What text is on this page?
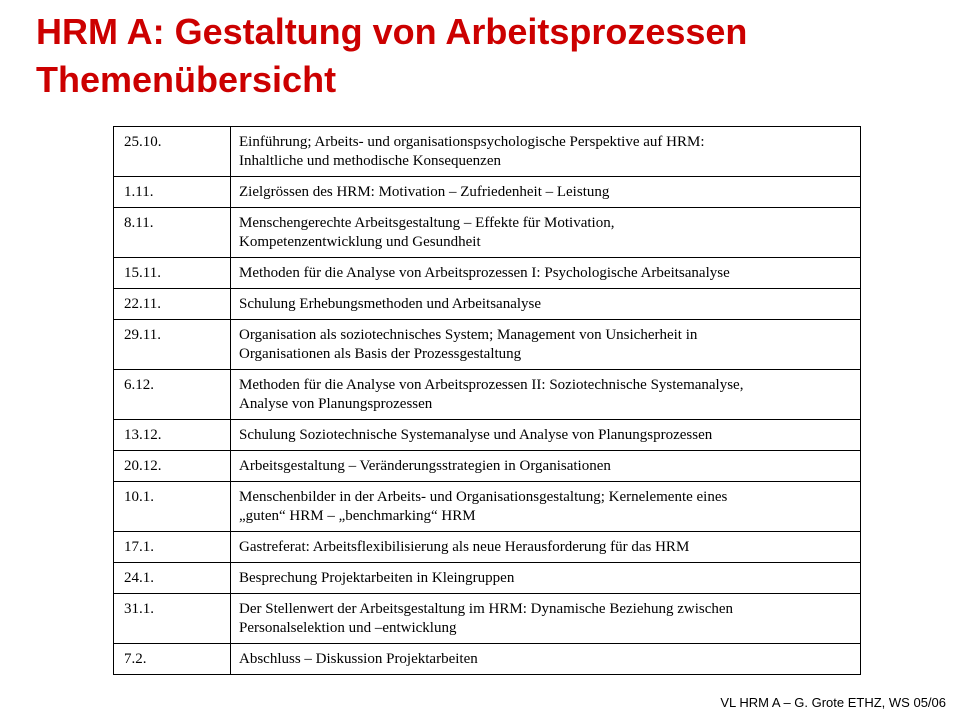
HRM A: Gestaltung von Arbeitsprozessen
Themenübersicht
25.10.	Einführung; Arbeits- und organisationspsychologische Perspektive auf HRM:
Inhaltliche und methodische Konsequenzen

1.11.	Zielgrössen des HRM: Motivation – Zufriedenheit – Leistung

8.11.	Menschengerechte Arbeitsgestaltung – Effekte für Motivation,
Kompetenzentwicklung und Gesundheit

15.11.	Methoden für die Analyse von Arbeitsprozessen I: Psychologische Arbeitsanalyse

22.11.	Schulung Erhebungsmethoden und Arbeitsanalyse

29.11.	Organisation als soziotechnisches System; Management von Unsicherheit in
Organisationen als Basis der Prozessgestaltung

6.12.	Methoden für die Analyse von Arbeitsprozessen II: Soziotechnische Systemanalyse,
Analyse von Planungsprozessen

13.12.	Schulung Soziotechnische Systemanalyse und Analyse von Planungsprozessen

20.12.	Arbeitsgestaltung – Veränderungsstrategien in Organisationen

10.1.	Menschenbilder in der Arbeits- und Organisationsgestaltung; Kernelemente eines
„guten“ HRM – „benchmarking“ HRM

17.1.	Gastreferat: Arbeitsflexibilisierung als neue Herausforderung für das HRM

24.1.	Besprechung Projektarbeiten in Kleingruppen

31.1.	Der Stellenwert der Arbeitsgestaltung im HRM: Dynamische Beziehung zwischen
Personalselektion und –entwicklung

7.2.	Abschluss – Diskussion Projektarbeiten
VL HRM A – G. Grote ETHZ, WS 05/06
